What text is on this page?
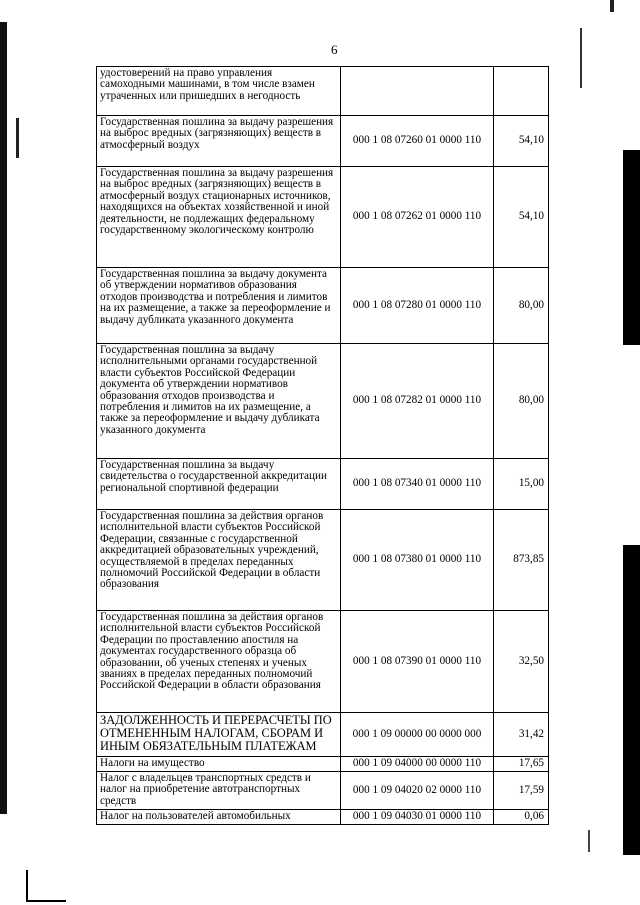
6
удостоверений на право управления самоходными машинами, в том числе взамен утраченных или пришедших в негодность		
Государственная пошлина за выдачу разрешения на выброс вредных (загрязняющих) веществ в атмосферный воздух	000 1 08 07260 01 0000 110	54,10
Государственная пошлина за выдачу разрешения на выброс вредных (загрязняющих) веществ в атмосферный воздух стационарных источников, находящихся на объектах хозяйственной и иной деятельности, не подлежащих федеральному государственному экологическому контролю	000 1 08 07262 01 0000 110	54,10
Государственная пошлина за выдачу документа об утверждении нормативов образования отходов производства и потребления и лимитов на их размещение, а также за переоформление и выдачу дубликата указанного документа	000 1 08 07280 01 0000 110	80,00
Государственная пошлина за выдачу исполнительными органами государственной власти субъектов Российской Федерации документа об утверждении нормативов образования отходов производства и потребления и лимитов на их размещение, а также за переоформление и выдачу дубликата указанного документа	000 1 08 07282 01 0000 110	80,00
Государственная пошлина за выдачу свидетельства о государственной аккредитации региональной спортивной федерации	000 1 08 07340 01 0000 110	15,00
Государственная пошлина за действия органов исполнительной власти субъектов Российской Федерации, связанные с государственной аккредитацией образовательных учреждений, осуществляемой в пределах переданных полномочий Российской Федерации в области образования	000 1 08 07380 01 0000 110	873,85
Государственная пошлина за действия органов исполнительной власти субъектов Российской Федерации по проставлению апостиля на документах государственного образца об образовании, об ученых степенях и ученых званиях в пределах переданных полномочий Российской Федерации в области образования	000 1 08 07390 01 0000 110	32,50
ЗАДОЛЖЕННОСТЬ И ПЕРЕРАСЧЕТЫ ПО ОТМЕНЕННЫМ НАЛОГАМ, СБОРАМ И ИНЫМ ОБЯЗАТЕЛЬНЫМ ПЛАТЕЖАМ	000 1 09 00000 00 0000 000	31,42
Налоги на имущество	000 1 09 04000 00 0000 110	17,65
Налог с владельцев транспортных средств и налог на приобретение автотранспортных средств	000 1 09 04020 02 0000 110	17,59
Налог на пользователей автомобильных	000 1 09 04030 01 0000 110	0,06
